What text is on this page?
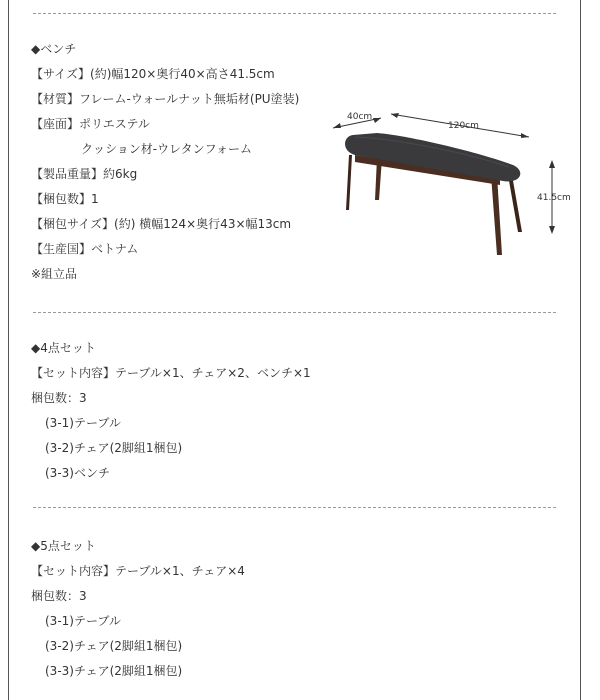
◆ベンチ
【サイズ】(約)幅120×奥行40×高さ41.5cm
【材質】フレーム-ウォールナット無垢材(PU塗装)
【座面】ポリエステル
クッション材-ウレタンフォーム
【製品重量】約6kg
【梱包数】1
【梱包サイズ】(約) 横幅124×奥行43×幅13cm
【生産国】ベトナム
※組立品
40cm
120cm
41.5cm
◆4点セット
【セット内容】テーブル×1、チェア×2、ベンチ×1
梱包数：3
(3-1)テーブル
(3-2)チェア(2脚組1梱包)
(3-3)ベンチ
◆5点セット
【セット内容】テーブル×1、チェア×4
梱包数：3
(3-1)テーブル
(3-2)チェア(2脚組1梱包)
(3-3)チェア(2脚組1梱包)
